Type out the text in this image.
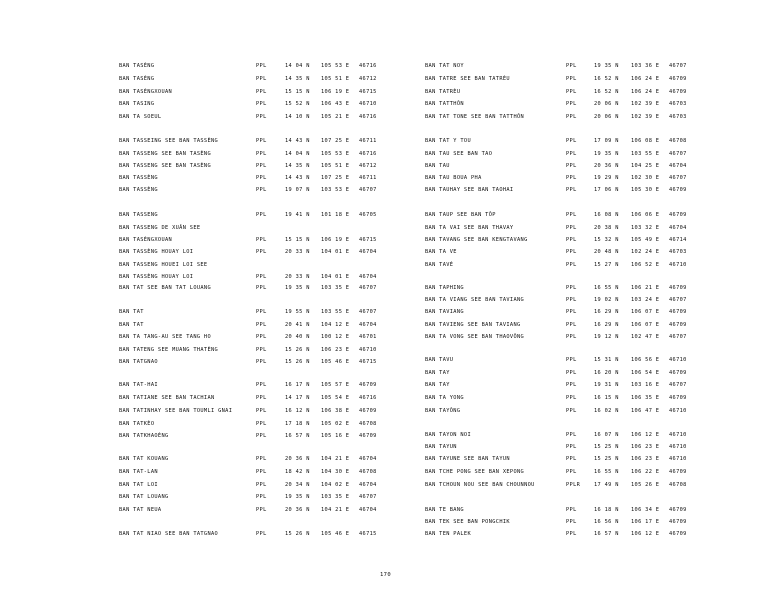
BAN TASÈNG	PPL	14 04 N 105 53 E 46716
BAN TASÈNG	PPL	14 35 N 105 51 E 46712
BAN TASÈNGXOUAN	PPL	15 15 N 106 19 E 46715
BAN TASING	PPL	15 52 N 106 43 E 46710
BAN TA SOEUL	PPL	14 10 N 105 21 E 46716
BAN TASSEING SEE BAN TASSÈNG	PPL	14 43 N 107 25 E 46711
BAN TASSENG SEE BAN TASÈNG	PPL	14 04 N 105 53 E 46716
BAN TASSENG SEE BAN TASÈNG	PPL	14 35 N 105 51 E 46712
BAN TASSÈNG	PPL	14 43 N 107 25 E 46711
BAN TASSÈNG	PPL	19 07 N 103 53 E 46707
BAN TASSENG	PPL	19 41 N 101 18 E 46705
BAN TASSENG DE XUÂN SEE
BAN TASÈNGXOUAN	PPL	15 15 N 106 19 E 46715
BAN TASSÈNG HOUAY LOI	PPL	20 33 N 104 01 E 46704
BAN TASSENG HOUEI LOI SEE
BAN TASSÈNG HOUAY LOI	PPL	20 33 N 104 01 E 46704
BAN TAT SEE BAN TAT LOUANG	PPL	19 35 N 103 35 E 46707
BAN TAT	PPL	19 55 N 103 55 E 46707
BAN TAT	PPL	20 41 N 104 12 E 46704
BAN TA TANG-AU SEE TANG HO	PPL	20 40 N 100 12 E 46701
BAN TATENG SEE MUANG THATÈNG	PPL	15 26 N 106 23 E 46710
BAN TATGNAO	PPL	15 26 N 105 46 E 46715
BAN TAT-HAI	PPL	16 17 N 105 57 E 46709
BAN TATIANE SEE BAN TACHIAN	PPL	14 17 N 105 54 E 46716
BAN TATINHAY SEE BAN TOUMLI GNAI	PPL	16 12 N 106 38 E 46709
BAN TATKÈO	PPL	17 18 N 105 02 E 46708
BAN TATKHAOÈNG	PPL	16 57 N 105 16 E 46709
BAN TAT KOUANG	PPL	20 36 N 104 21 E 46704
BAN TAT-LAN	PPL	18 42 N 104 30 E 46708
BAN TAT LOI	PPL	20 34 N 104 02 E 46704
BAN TAT LOUANG	PPL	19 35 N 103 35 E 46707
BAN TAT NEUA	PPL	20 36 N 104 21 E 46704
BAN TAT NIAO SEE BAN TATGNAO	PPL	15 26 N 105 46 E 46715
BAN TAT NOY	PPL	19 35 N 103 36 E 46707
BAN TATRE SEE BAN TATRÈU	PPL	16 52 N 106 24 E 46709
BAN TATRÈU	PPL	16 52 N 106 24 E 46709
BAN TATTHÔN	PPL	20 06 N 102 39 E 46703
BAN TAT TONE SEE BAN TATTHÔN	PPL	20 06 N 102 39 E 46703
BAN TAT Y TOU	PPL	17 09 N 106 08 E 46708
BAN TAU SEE BAN TAO	PPL	19 35 N 103 55 E 46707
BAN TAU	PPL	20 36 N 104 25 E 46704
BAN TAU BOUA PHA	PPL	19 29 N 102 30 E 46707
BAN TAUHAY SEE BAN TAOHAI	PPL	17 06 N 105 30 E 46709
BAN TAUP SEE BAN TÔP	PPL	16 08 N 106 06 E 46709
BAN TA VAI SEE BAN THAVAY	PPL	20 38 N 103 32 E 46704
BAN TAVANG SEE BAN KENGTAVANG	PPL	15 32 N 105 49 E 46714
BAN TA VE	PPL	20 48 N 102 24 E 46703
BAN TAVÉ	PPL	15 27 N 106 52 E 46710
BAN TAPHING	PPL	16 55 N 106 21 E 46709
BAN TA VIANG SEE BAN TAVIANG	PPL	19 02 N 103 24 E 46707
BAN TAVIANG	PPL	16 29 N 106 07 E 46709
BAN TAVIENG SEE BAN TAVIANG	PPL	16 29 N 106 07 E 46709
BAN TA VONG SEE BAN THAOVÔNG	PPL	19 12 N 102 47 E 46707
BAN TAVU	PPL	15 31 N 106 56 E 46710
BAN TAY	PPL	16 20 N 106 54 E 46709
BAN TAY	PPL	19 31 N 103 16 E 46707
BAN TA YONG	PPL	16 15 N 106 35 E 46709
BAN TAYÔNG	PPL	16 02 N 106 47 E 46710
BAN TAYON NOI	PPL	16 07 N 106 12 E 46710
BAN TAYUN	PPL	15 25 N 106 23 E 46710
BAN TAYUNE SEE BAN TAYUN	PPL	15 25 N 106 23 E 46710
BAN TCHE PONG SEE BAN XEPONG	PPL	16 55 N 106 22 E 46709
BAN TCHOUN NOU SEE BAN CHOUNNOU	PPLR	17 49 N 105 26 E 46708
BAN TE BANG	PPL	16 18 N 106 34 E 46709
BAN TEK SEE BAN PONGCHIK	PPL	16 56 N 106 17 E 46709
BAN TEN PALEK	PPL	16 57 N 106 12 E 46709
170
